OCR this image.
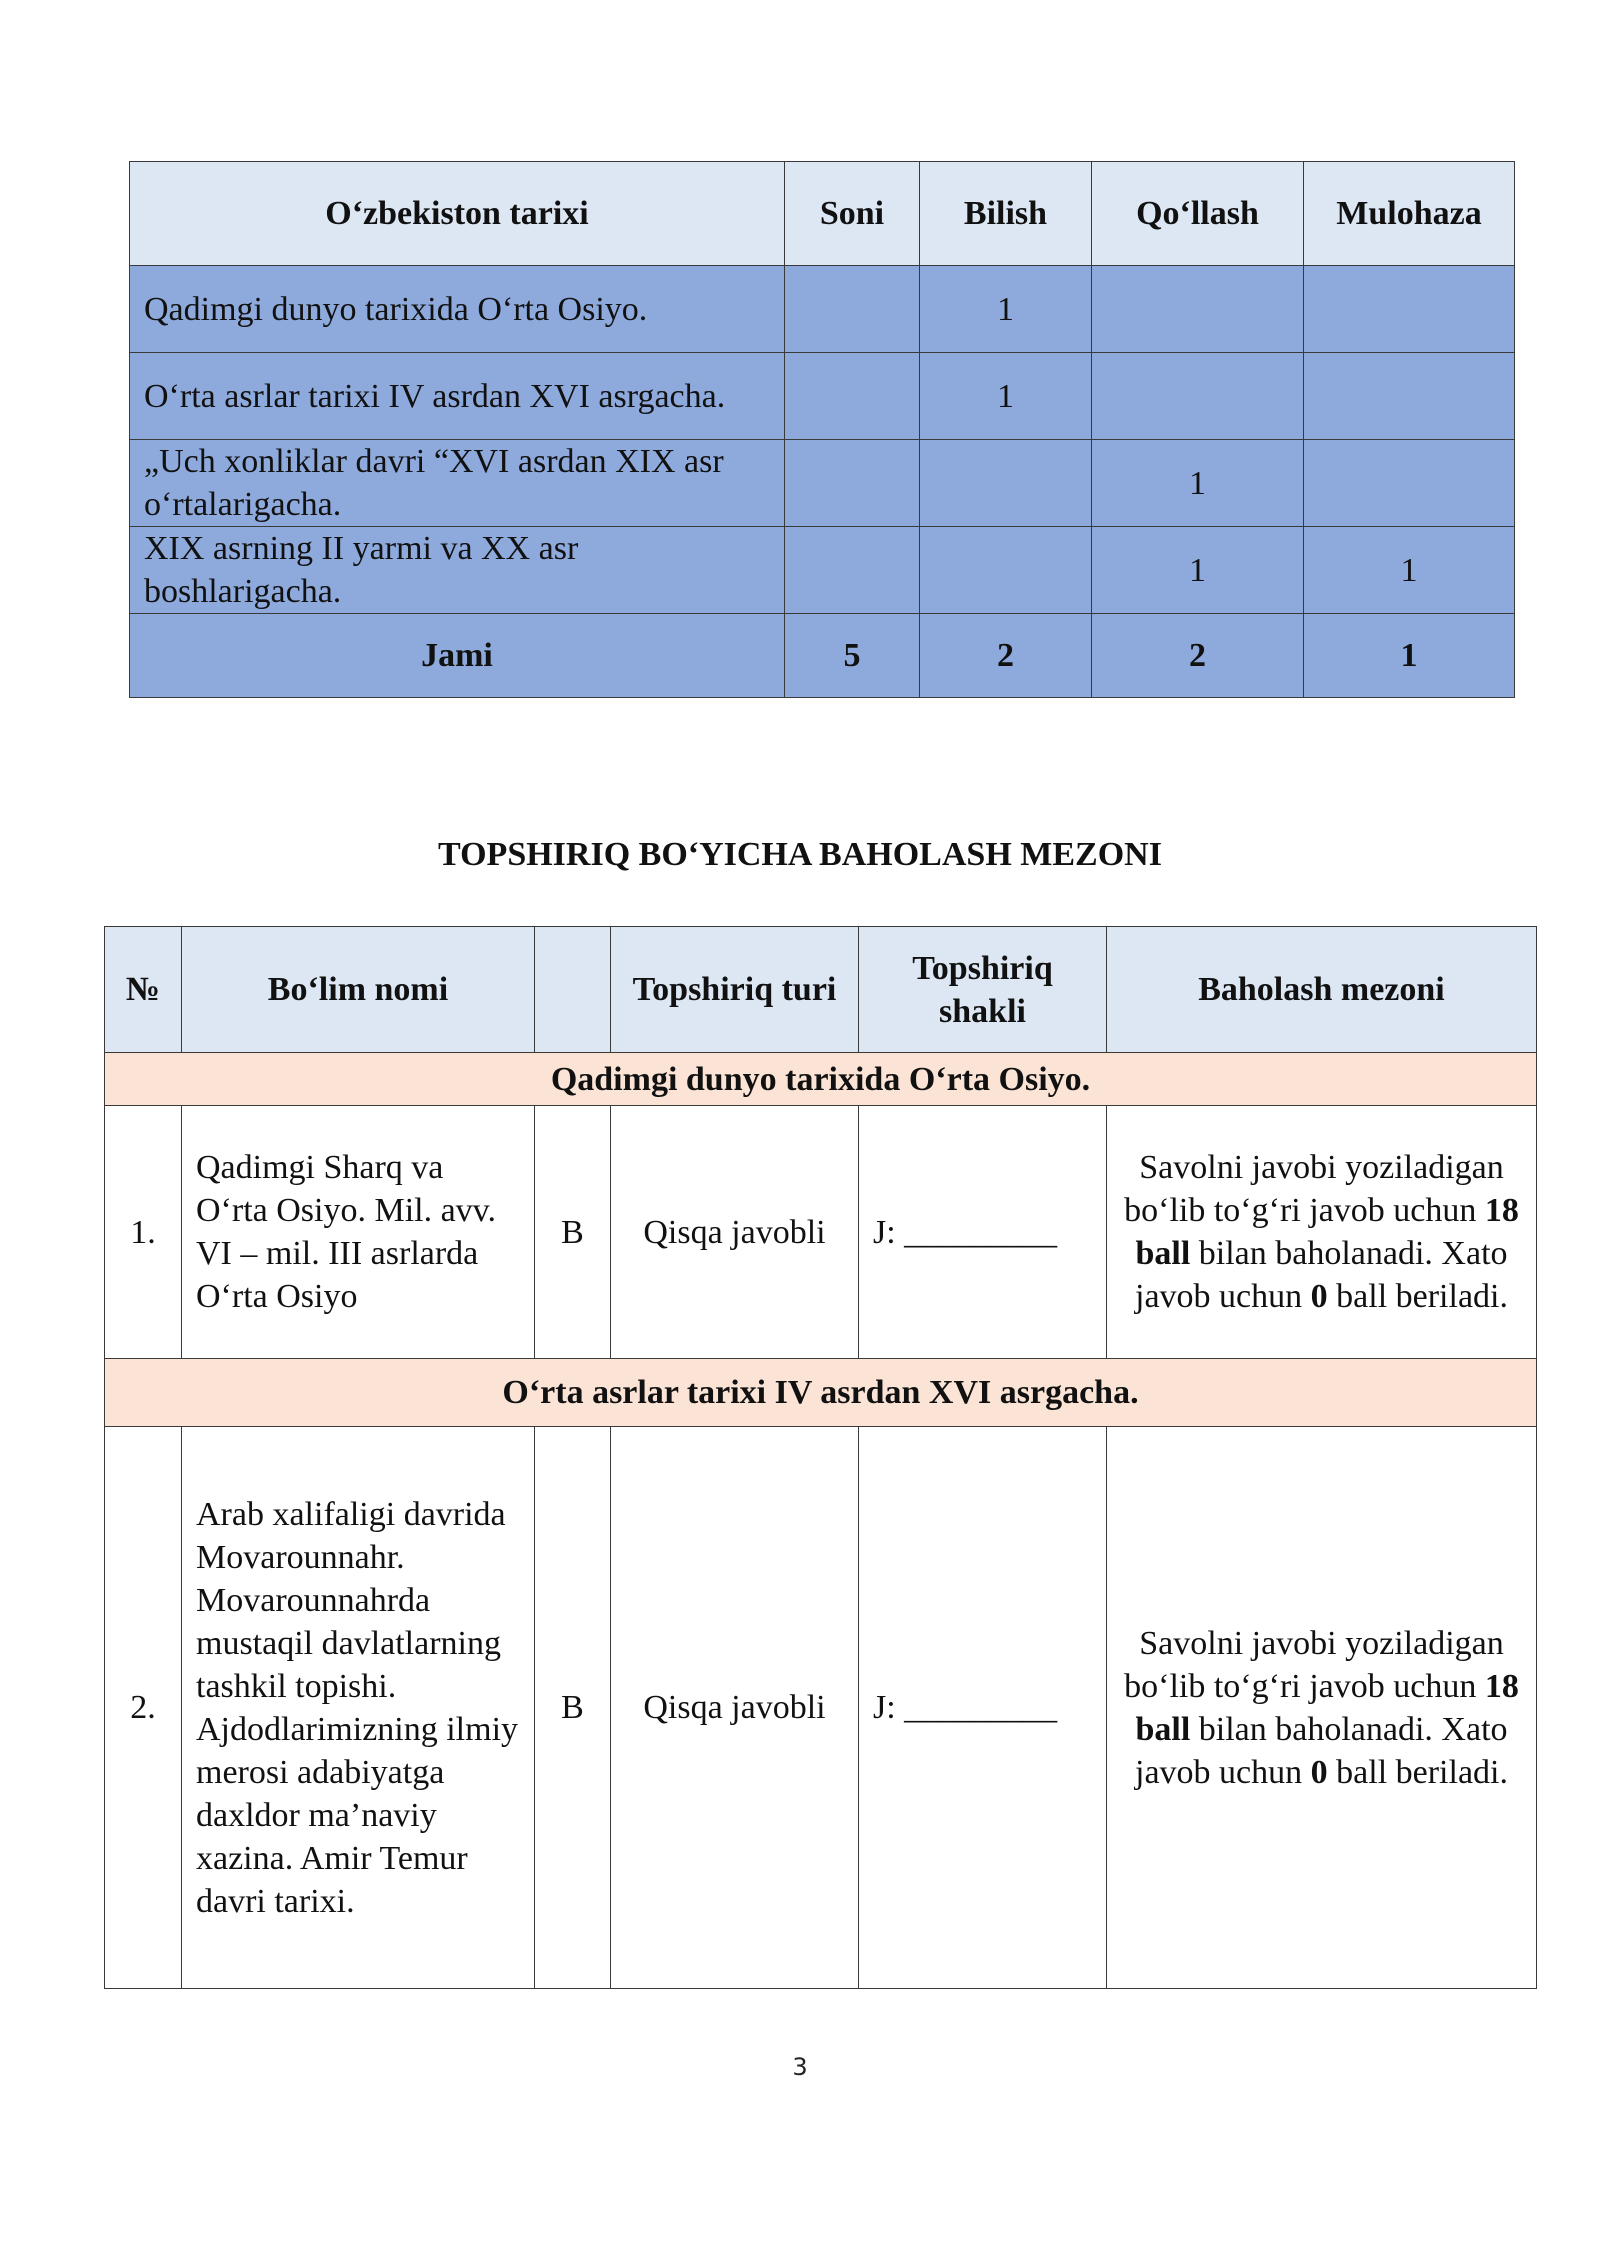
O‘zbekiston tarixi	Soni	Bilish	Qo‘llash	Mulohaza
Qadimgi dunyo tarixida O‘rta Osiyo.		1		
O‘rta asrlar tarixi IV asrdan XVI asrgacha.		1		
„Uch xonliklar davri “XVI asrdan XIX asr o‘rtalarigacha.			1	
XIX asrning II yarmi va XX asr boshlarigacha.			1	1
Jami	5	2	2	1
TOPSHIRIQ BO‘YICHA BAHOLASH MEZONI
№	Bo‘lim nomi		Topshiriq turi	Topshiriq shakli	Baholash mezoni
Qadimgi dunyo tarixida O‘rta Osiyo.					
1.	Qadimgi Sharq va O‘rta Osiyo. Mil. avv. VI – mil. III asrlarda O‘rta Osiyo	B	Qisqa javobli	J: _________	Savolni javobi yoziladigan bo‘lib to‘g‘ri javob uchun 18 ball bilan baholanadi. Xato javob uchun 0 ball beriladi.
O‘rta asrlar tarixi IV asrdan XVI asrgacha.					
2.	Arab xalifaligi davrida Movarounnahr. Movarounnahrda mustaqil davlatlarning tashkil topishi. Ajdodlarimizning ilmiy merosi adabiyatga daxldor ma’naviy xazina. Amir Temur davri tarixi.	B	Qisqa javobli	J: _________	Savolni javobi yoziladigan bo‘lib to‘g‘ri javob uchun 18 ball bilan baholanadi. Xato javob uchun 0 ball beriladi.
3
